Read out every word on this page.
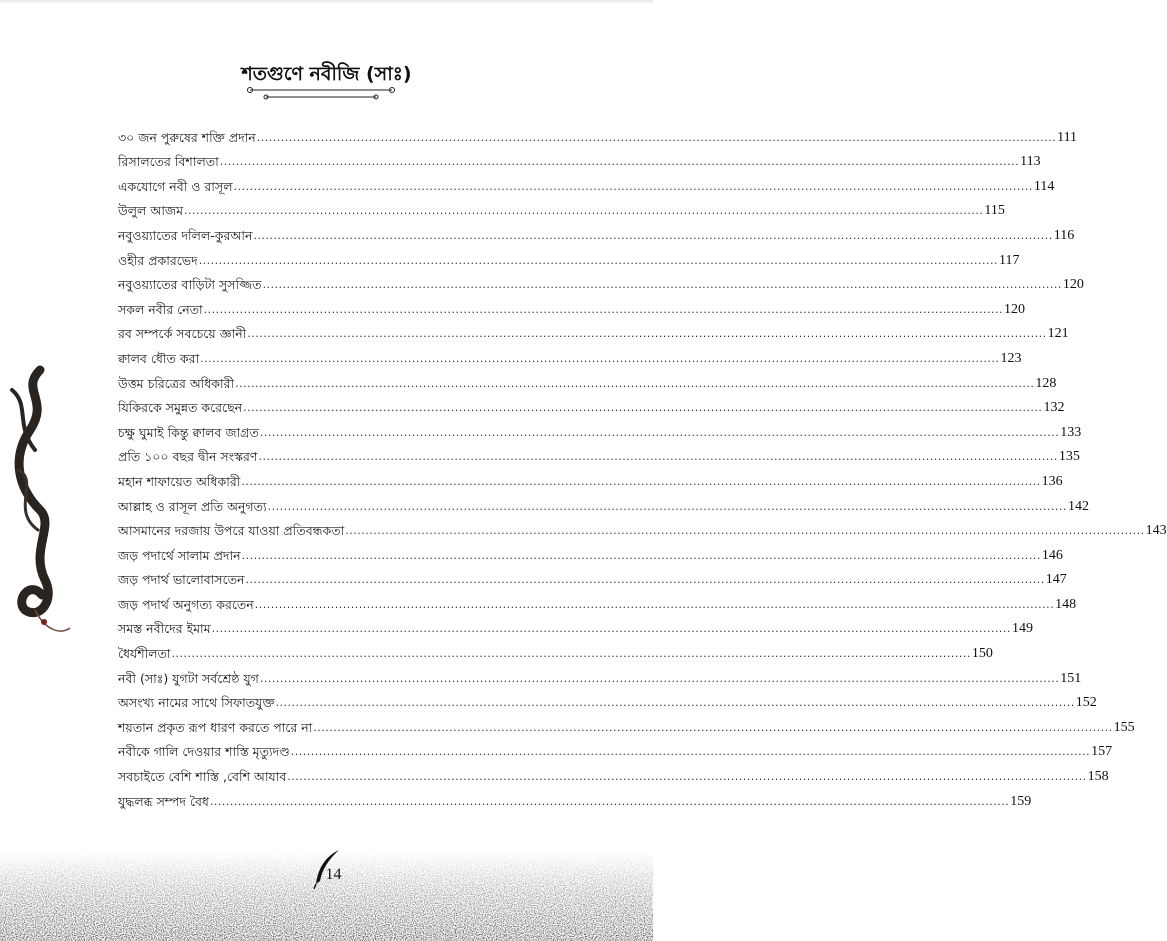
শতগুণে নবীজি (সাঃ)
৩০ জন পুরুষের শক্তি প্রদান ........................................................................................................................................................................................................ 111
রিসালতের বিশালতা ........................................................................................................................................................................................................ 113
একযোগে নবী ও রাসূল ........................................................................................................................................................................................................ 114
উলুল আজম ........................................................................................................................................................................................................ 115
নবুওয়্যাতের দলিল-কুরআন ........................................................................................................................................................................................................ 116
ওহীর প্রকারভেদ ........................................................................................................................................................................................................ 117
নবুওয়্যাতের বাড়িটা সুসজ্জিত ........................................................................................................................................................................................................ 120
সকল নবীর নেতা ........................................................................................................................................................................................................ 120
রব সম্পর্কে সবচেয়ে জ্ঞানী ........................................................................................................................................................................................................ 121
ক্বালব ধৌত করা ........................................................................................................................................................................................................ 123
উত্তম চরিত্রের অধিকারী ........................................................................................................................................................................................................ 128
যিকিরকে সমুন্নত করেছেন ........................................................................................................................................................................................................ 132
চক্ষু ঘুমাই কিন্তু ক্বালব জাগ্রত ........................................................................................................................................................................................................ 133
প্রতি ১০০ বছর দ্বীন সংস্করণ ........................................................................................................................................................................................................ 135
মহান শাফায়েত অধিকারী ........................................................................................................................................................................................................ 136
আল্লাহ ও রাসূল প্রতি অনুগত্য ........................................................................................................................................................................................................ 142
আসমানের দরজায় উপরে যাওয়া প্রতিবন্ধকতা ........................................................................................................................................................................................................ 143
জড় পদার্থে সালাম প্রদান ........................................................................................................................................................................................................ 146
জড় পদার্থ ভালোবাসতেন ........................................................................................................................................................................................................ 147
জড় পদার্থ অনুগত্য করতেন ........................................................................................................................................................................................................ 148
সমস্ত নবীদের ইমাম ........................................................................................................................................................................................................ 149
ধৈর্যশীলতা ........................................................................................................................................................................................................ 150
নবী (সাঃ) যুগটা সর্বশ্রেষ্ঠ যুগ ........................................................................................................................................................................................................ 151
অসংখ্য নামের সাথে সিফাতযুক্ত ........................................................................................................................................................................................................ 152
শয়তান প্রকৃত রূপ ধারণ করতে পারে না ........................................................................................................................................................................................................ 155
নবীকে গালি দেওয়ার শাস্তি মৃত্যুদণ্ড ........................................................................................................................................................................................................ 157
সবচাইতে বেশি শাস্তি ,বেশি আযাব ........................................................................................................................................................................................................ 158
যুদ্ধলব্ধ সম্পদ বৈধ ........................................................................................................................................................................................................ 159
14
